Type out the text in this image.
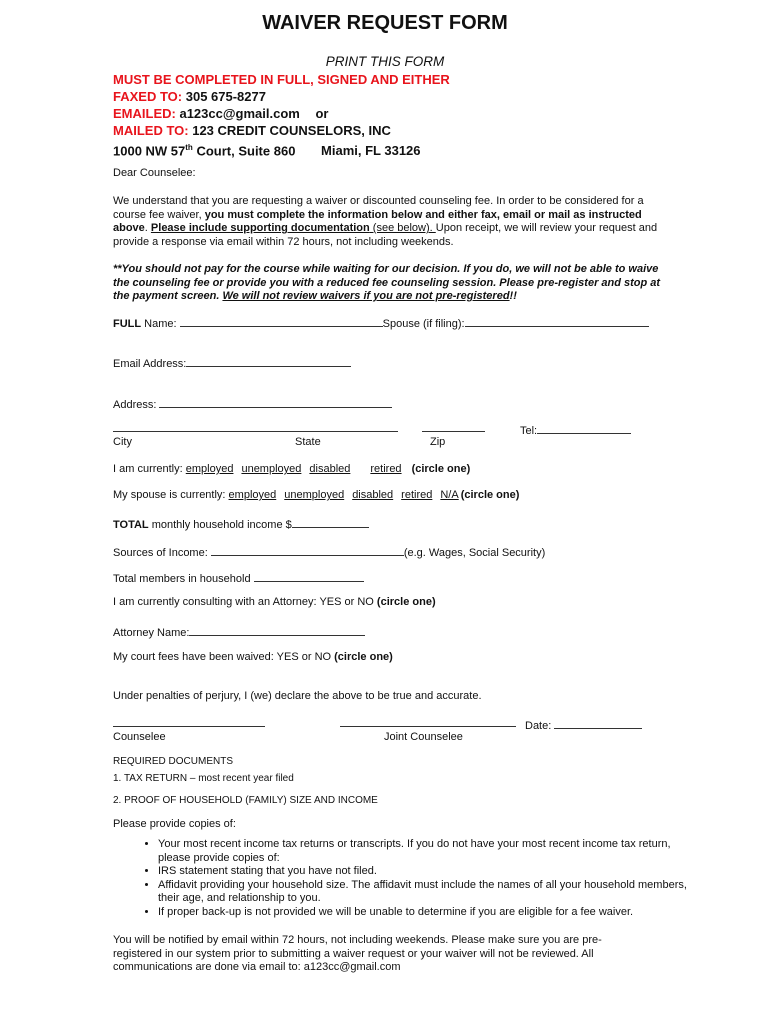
WAIVER REQUEST FORM
PRINT THIS FORM
MUST BE COMPLETED IN FULL, SIGNED AND EITHER
FAXED TO: 305 675-8277
EMAILED: a123cc@gmail.com or
MAILED TO: 123 CREDIT COUNSELORS, INC
1000 NW 57th Court, Suite 860 Miami, FL 33126
Dear Counselee:
We understand that you are requesting a waiver or discounted counseling fee. In order to be considered for a course fee waiver, you must complete the information below and either fax, email or mail as instructed above. Please include supporting documentation (see below). Upon receipt, we will review your request and provide a response via email within 72 hours, not including weekends.
**You should not pay for the course while waiting for our decision. If you do, we will not be able to waive the counseling fee or provide you with a reduced fee counseling session. Please pre-register and stop at the payment screen. We will not review waivers if you are not pre-registered!!
FULL Name:	Spouse (if filing):
Email Address:
Address:
Tel:
City	State	Zip
I am currently: employed unemployed disabled retired (circle one)
My spouse is currently: employed unemployed disabled retired N/A (circle one)
TOTAL monthly household income $
Sources of Income:	(e.g. Wages, Social Security)
Total members in household
I am currently consulting with an Attorney: YES or NO (circle one)
Attorney Name:
My court fees have been waived: YES or NO (circle one)
Under penalties of perjury, I (we) declare the above to be true and accurate.
Date:
Counselee	Joint Counselee
REQUIRED DOCUMENTS
1. TAX RETURN – most recent year filed
2. PROOF OF HOUSEHOLD (FAMILY) SIZE AND INCOME
Please provide copies of:
• Your most recent income tax returns or transcripts. If you do not have your most recent income tax return, please provide copies of:
• IRS statement stating that you have not filed.
• Affidavit providing your household size. The affidavit must include the names of all your household members, their age, and relationship to you.
• If proper back-up is not provided we will be unable to determine if you are eligible for a fee waiver.
You will be notified by email within 72 hours, not including weekends. Please make sure you are pre-registered in our system prior to submitting a waiver request or your waiver will not be reviewed. All communications are done via email to: a123cc@gmail.com
